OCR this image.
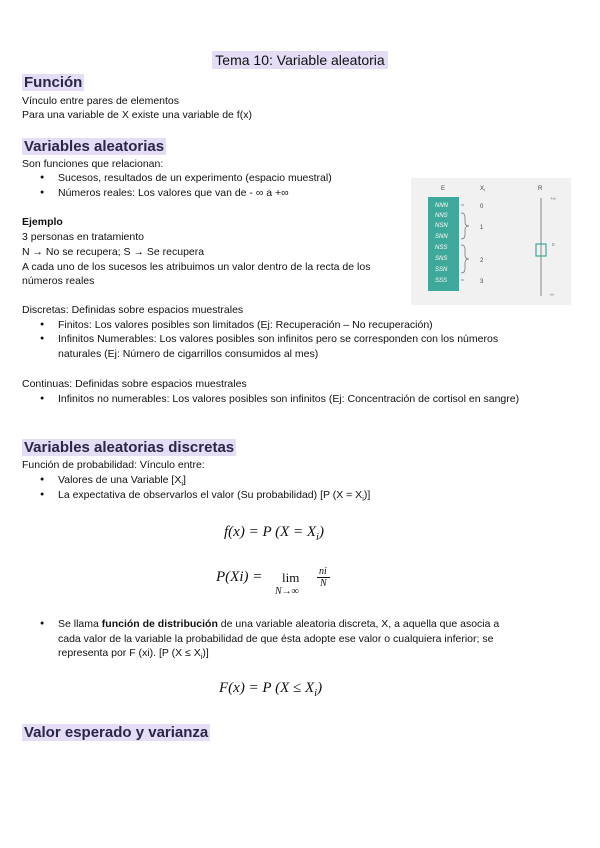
Tema 10: Variable aleatoria
Función
Vínculo entre pares de elementos
Para una variable de X existe una variable de f(x)
Variables aleatorias
Son funciones que relacionan:
● Sucesos, resultados de un experimento (espacio muestral)
● Números reales: Los valores que van de - ∞ a +∞
Ejemplo
3 personas en tratamiento
N → No se recupera; S → Se recupera
A cada uno de los sucesos les atribuimos un valor dentro de la recta de los
números reales
E	$X_i$	R
NNN
NNS
NSN
SNN
NSS
SNS
SSN
SSS
0
1
2
3
+∞
0
-∞
Discretas: Definidas sobre espacios muestrales
● Finitos: Los valores posibles son limitados (Ej: Recuperación – No recuperación)
● Infinitos Numerables: Los valores posibles son infinitos pero se corresponden con los números naturales (Ej: Número de cigarrillos consumidos al mes)
Continuas: Definidas sobre espacios muestrales
● Infinitos no numerables: Los valores posibles son infinitos (Ej: Concentración de cortisol en sangre)
Variables aleatorias discretas
Función de probabilidad: Vínculo entre:
● Valores de una Variable $[X_i]$
● La expectativa de observarlos el valor (Su probabilidad) [P $(X = X_i)$]
f(x) = P $(X = X_i)$
P(Xi) = lim
N→∞
ni
N
● Se llama función de distribución de una variable aleatoria discreta, X, a aquella que asocia a
cada valor de la variable la probabilidad de que ésta adopte ese valor o cualquiera inferior; se
representa por F (xi). [P $(X \le X_i)$]
F(x) = P $(X \le X_i)$
Valor esperado y varianza
